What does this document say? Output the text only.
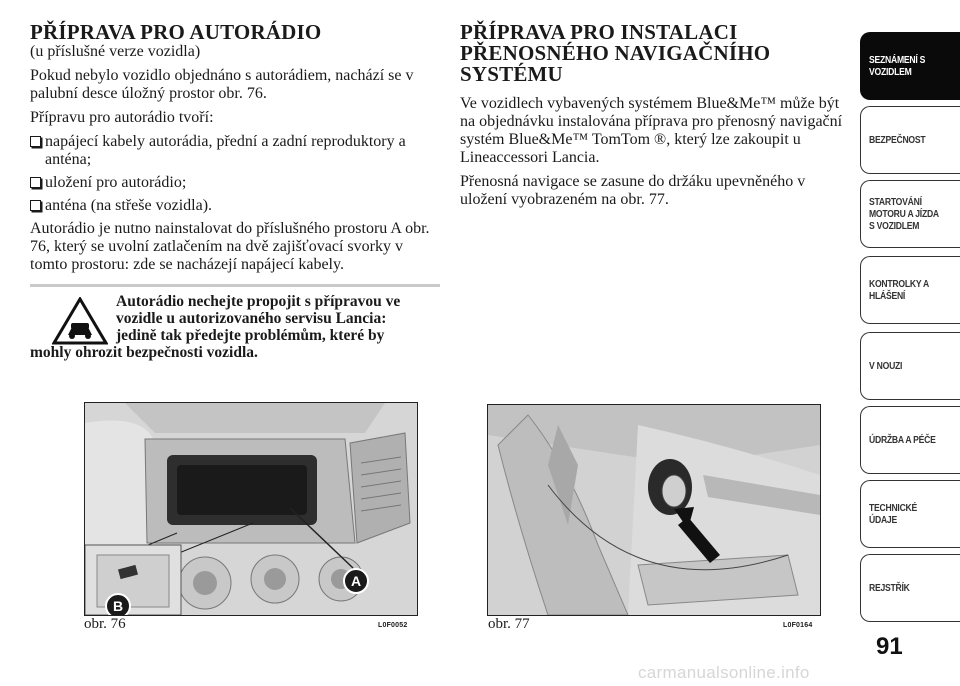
PŘÍPRAVA PRO AUTORÁDIO
(u příslušné verze vozidla)

Pokud nebylo vozidlo objednáno s autorádiem, nachází se v palubní desce úložný prostor obr. 76.

Přípravu pro autorádio tvoří:

napájecí kabely autorádia, přední a zadní reproduktory a anténa;
uložení pro autorádio;
anténa (na střeše vozidla).

Autorádio je nutno nainstalovat do příslušného prostoru A obr. 76, který se uvolní zatlačením na dvě zajišťovací svorky v tomto prostoru: zde se nacházejí napájecí kabely.

Autorádio nechejte propojit s přípravou ve
vozidle u autorizovaného servisu Lancia:
jedině tak předejte problémům, které by
mohly ohrozit bezpečnosti vozidla.
A
B
obr. 76	L0F0052
PŘÍPRAVA PRO INSTALACI
PŘENOSNÉHO NAVIGAČNÍHO
SYSTÉMU

Ve vozidlech vybavených systémem Blue&Me™ může být na objednávku instalována příprava pro přenosný navigační systém Blue&Me™ TomTom ®, který lze zakoupit u Lineaccessori Lancia.

Přenosná navigace se zasune do držáku upevněného v uložení vyobrazeném na obr. 77.

obr. 77	L0F0164
SEZNÁMENÍ S
VOZIDLEM
BEZPEČNOST
STARTOVÁNÍ
MOTORU A JÍZDA
S VOZIDLEM
KONTROLKY A
HLÁŠENÍ
V NOUZI
ÚDRŽBA A PÉČE
TECHNICKÉ
ÚDAJE
REJSTŘÍK
91
carmanualsonline.info
